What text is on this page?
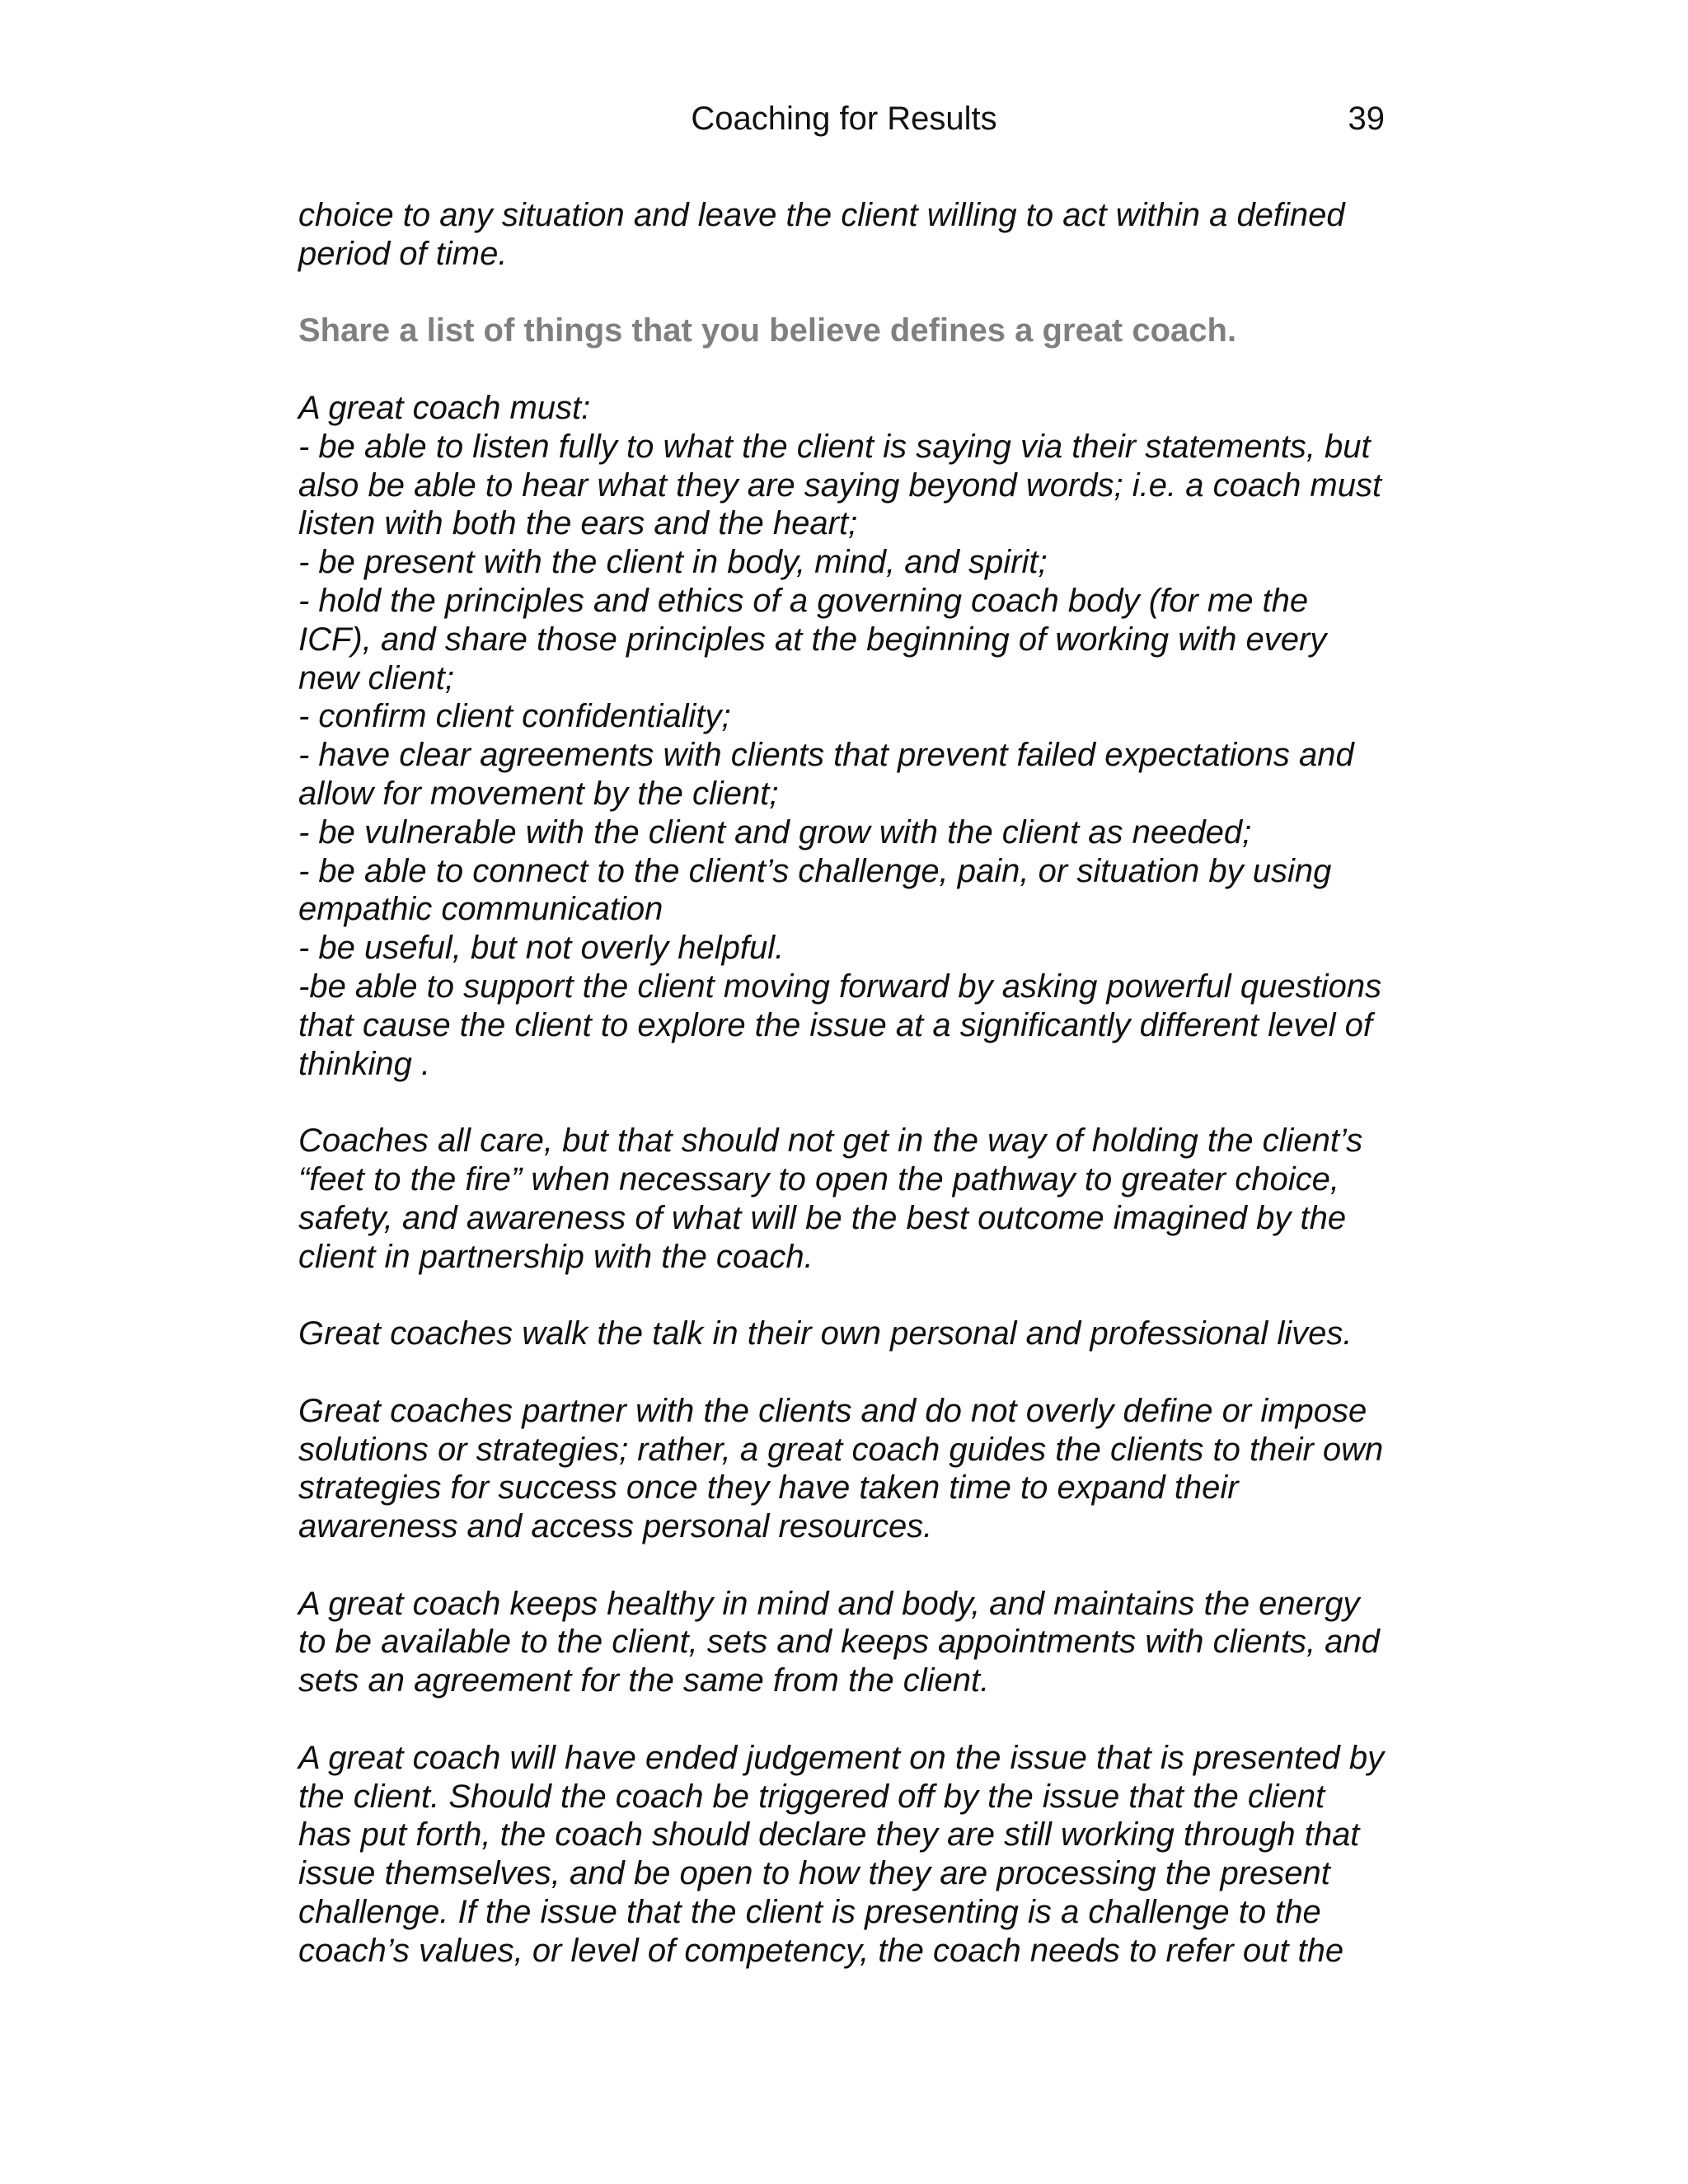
Coaching for Results	39

choice to any situation and leave the client willing to act within a defined
period of time.

Share a list of things that you believe defines a great coach.

A great coach must:
- be able to listen fully to what the client is saying via their statements, but
also be able to hear what they are saying beyond words; i.e. a coach must
listen with both the ears and the heart;
- be present with the client in body, mind, and spirit;
- hold the principles and ethics of a governing coach body (for me the
ICF), and share those principles at the beginning of working with every
new client;
- confirm client confidentiality;
- have clear agreements with clients that prevent failed expectations and
allow for movement by the client;
- be vulnerable with the client and grow with the client as needed;
- be able to connect to the client’s challenge, pain, or situation by using
empathic communication
- be useful, but not overly helpful.
-be able to support the client moving forward by asking powerful questions
that cause the client to explore the issue at a significantly different level of
thinking .

Coaches all care, but that should not get in the way of holding the client’s
“feet to the fire” when necessary to open the pathway to greater choice,
safety, and awareness of what will be the best outcome imagined by the
client in partnership with the coach.

Great coaches walk the talk in their own personal and professional lives.

Great coaches partner with the clients and do not overly define or impose
solutions or strategies; rather, a great coach guides the clients to their own
strategies for success once they have taken time to expand their
awareness and access personal resources.

A great coach keeps healthy in mind and body, and maintains the energy
to be available to the client, sets and keeps appointments with clients, and
sets an agreement for the same from the client.

A great coach will have ended judgement on the issue that is presented by
the client. Should the coach be triggered off by the issue that the client
has put forth, the coach should declare they are still working through that
issue themselves, and be open to how they are processing the present
challenge. If the issue that the client is presenting is a challenge to the
coach’s values, or level of competency, the coach needs to refer out the
